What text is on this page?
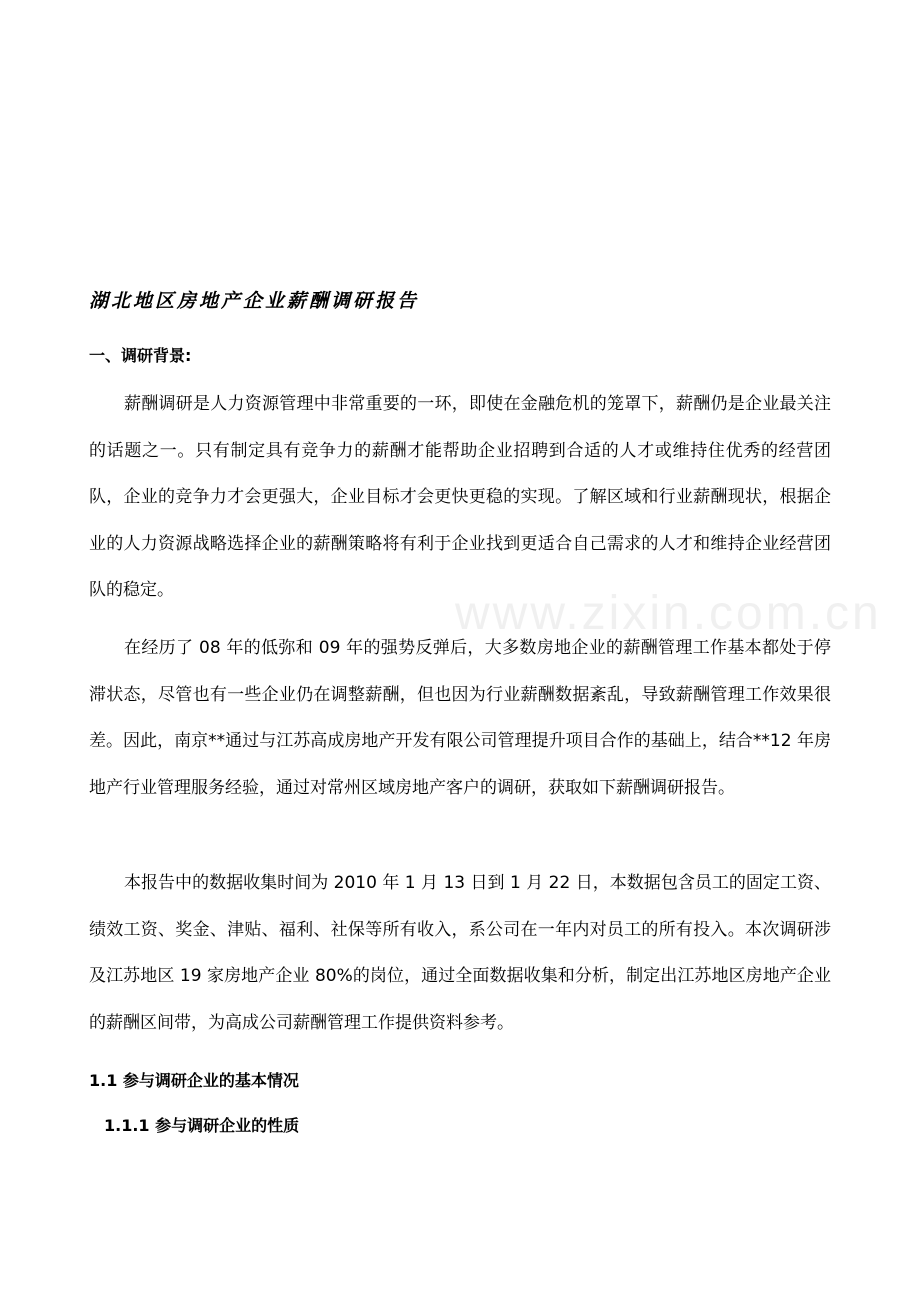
湖北地区房地产企业薪酬调研报告
一、调研背景:

薪酬调研是人力资源管理中非常重要的一环，即使在金融危机的笼罩下，薪酬仍是企业最关注的话题之一。只有制定具有竞争力的薪酬才能帮助企业招聘到合适的人才或维持住优秀的经营团队，企业的竞争力才会更强大，企业目标才会更快更稳的实现。了解区域和行业薪酬现状，根据企业的人力资源战略选择企业的薪酬策略将有利于企业找到更适合自己需求的人才和维持企业经营团队的稳定。

在经历了 08 年的低弥和 09 年的强势反弹后，大多数房地企业的薪酬管理工作基本都处于停滞状态，尽管也有一些企业仍在调整薪酬，但也因为行业薪酬数据紊乱，导致薪酬管理工作效果很差。因此，南京**通过与江苏高成房地产开发有限公司管理提升项目合作的基础上，结合**12 年房地产行业管理服务经验，通过对常州区域房地产客户的调研，获取如下薪酬调研报告。

本报告中的数据收集时间为 2010 年 1 月 13 日到 1 月 22 日，本数据包含员工的固定工资、绩效工资、奖金、津贴、福利、社保等所有收入，系公司在一年内对员工的所有投入。本次调研涉及江苏地区 19 家房地产企业 80%的岗位，通过全面数据收集和分析，制定出江苏地区房地产企业的薪酬区间带，为高成公司薪酬管理工作提供资料参考。

1.1 参与调研企业的基本情况
1.1.1 参与调研企业的性质
www.zixin.com.cn
